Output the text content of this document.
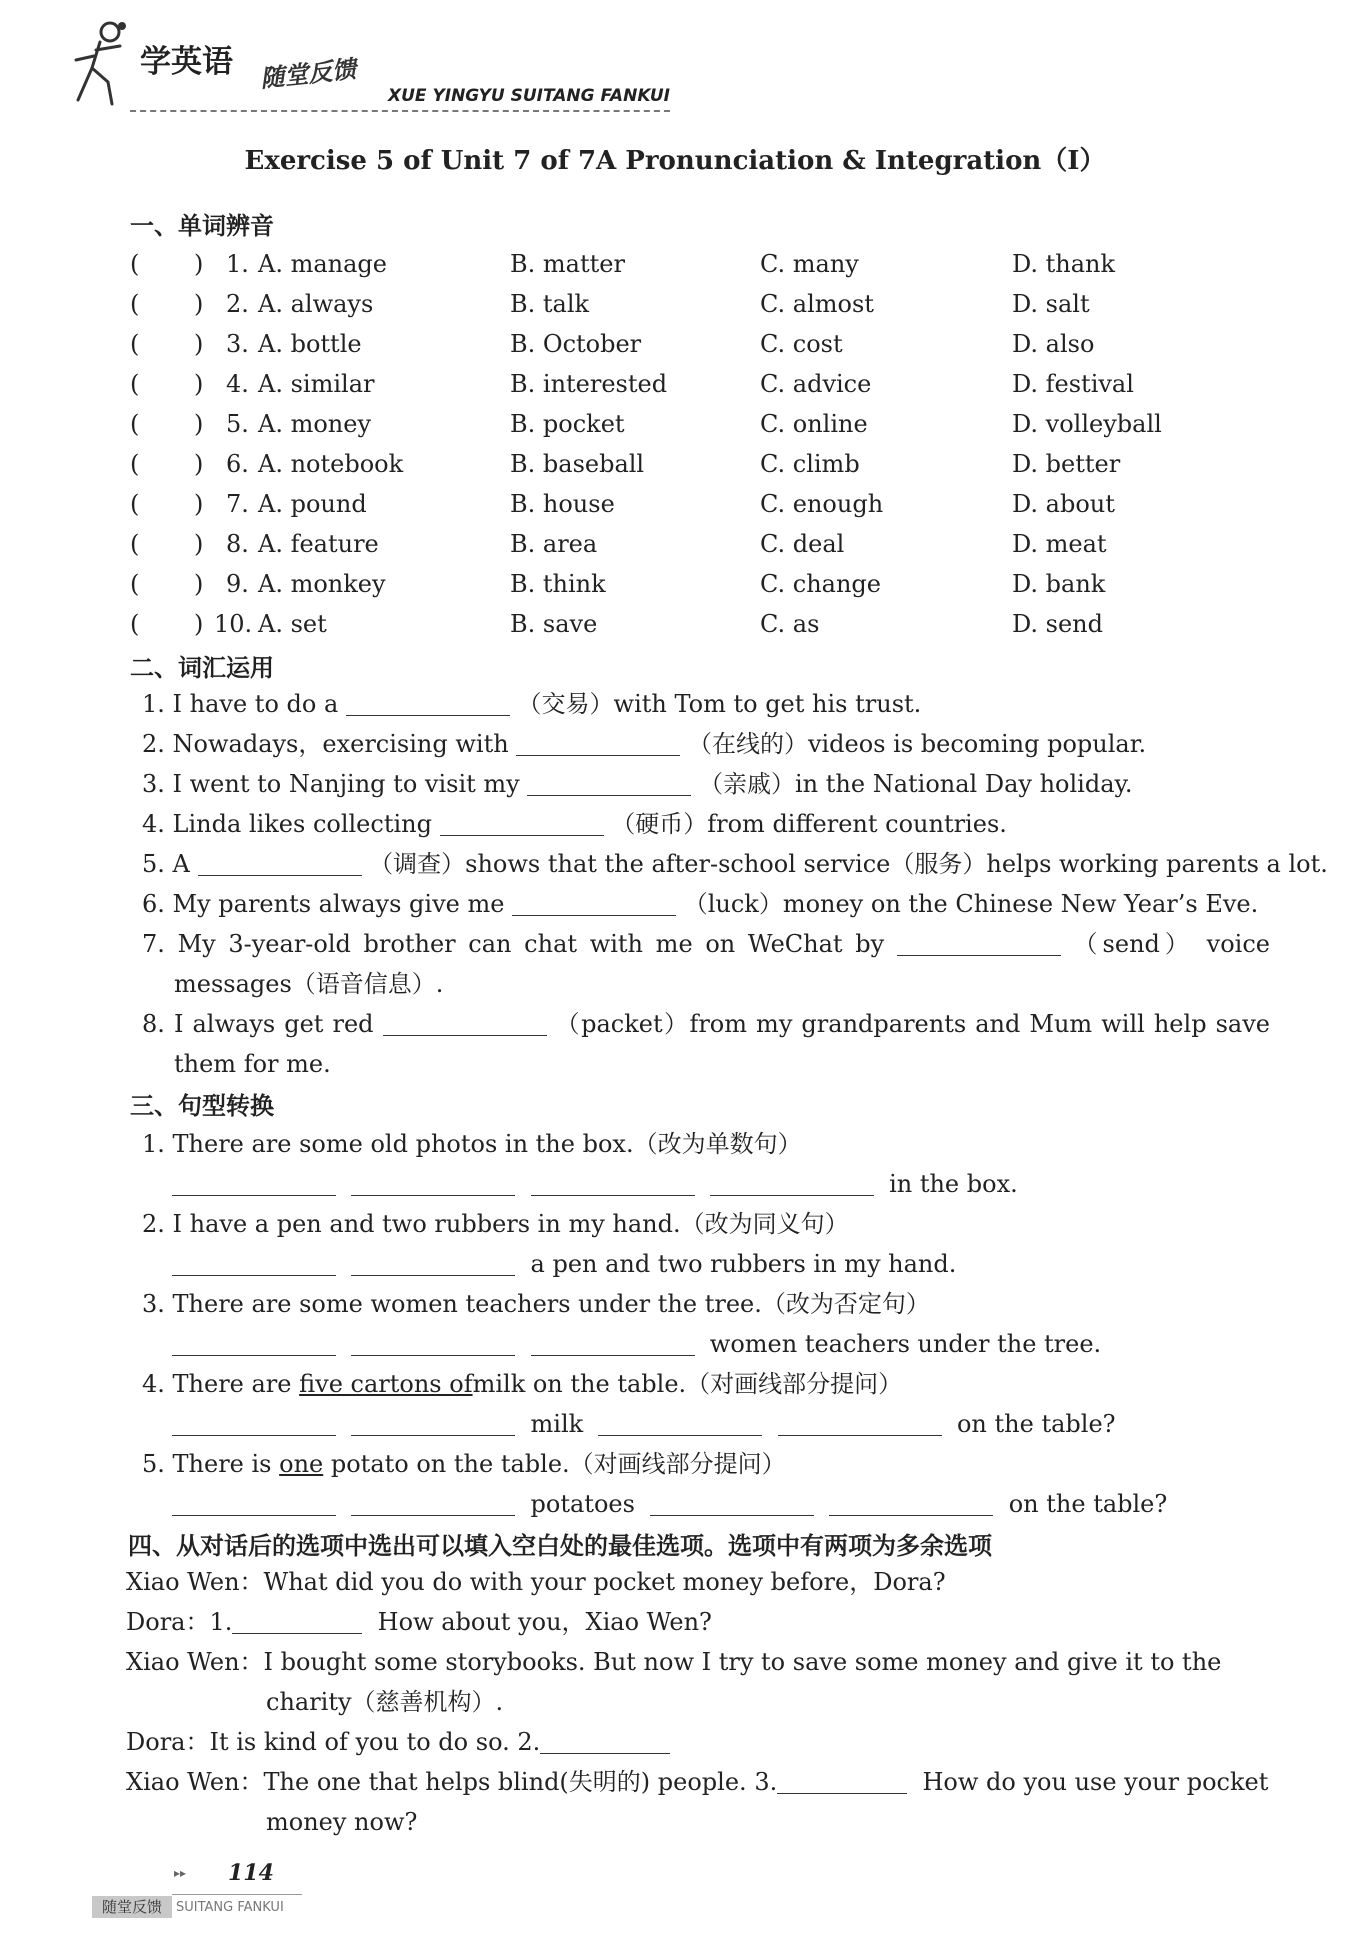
学英语 随堂反馈
XUE YINGYU SUITANG FANKUI
Exercise 5 of Unit 7 of 7A Pronunciation & Integration（Ⅰ）
一、单词辨音
( ) 1. A. manage	B. matter	C. many	D. thank
( ) 2. A. always	B. talk	C. almost	D. salt
( ) 3. A. bottle	B. October	C. cost	D. also
( ) 4. A. similar	B. interested	C. advice	D. festival
( ) 5. A. money	B. pocket	C. online	D. volleyball
( ) 6. A. notebook	B. baseball	C. climb	D. better
( ) 7. A. pound	B. house	C. enough	D. about
( ) 8. A. feature	B. area	C. deal	D. meat
( ) 9. A. monkey	B. think	C. change	D. bank
( ) 10. A. set	B. save	C. as	D. send
二、词汇运用
1. I have to do a	（交易）with Tom to get his trust.
2. Nowadays，exercising with	（在线的）videos is becoming popular.
3. I went to Nanjing to visit my	（亲戚）in the National Day holiday.
4. Linda likes collecting	（硬币）from different countries.
5. A	（调查）shows that the after-school service（服务）helps working parents a lot.
6. My parents always give me	（luck）money on the Chinese New Year’s Eve.
7. My 3-year-old brother can chat with me on WeChat by	（send） voice
messages（语音信息）.
8. I always get red	（packet）from my grandparents and Mum will help save
them for me.
三、句型转换
1. There are some old photos in the box.（改为单数句）
in the box.
2. I have a pen and two rubbers in my hand.（改为同义句）
a pen and two rubbers in my hand.
3. There are some women teachers under the tree.（改为否定句）
women teachers under the tree.
4. There are five cartons ofmilk on the table.（对画线部分提问）
milk	on the table?
5. There is one potato on the table.（对画线部分提问）
potatoes	on the table?
四、从对话后的选项中选出可以填入空白处的最佳选项。选项中有两项为多余选项
Xiao Wen：What did you do with your pocket money before，Dora?
Dora：1.	How about you，Xiao Wen?
Xiao Wen：I bought some storybooks. But now I try to save some money and give it to the
charity（慈善机构）.
Dora：It is kind of you to do so. 2.
Xiao Wen：The one that helps blind(失明的) people. 3.	How do you use your pocket
money now?
▸▸ 114
随堂反馈	SUITANG FANKUI
